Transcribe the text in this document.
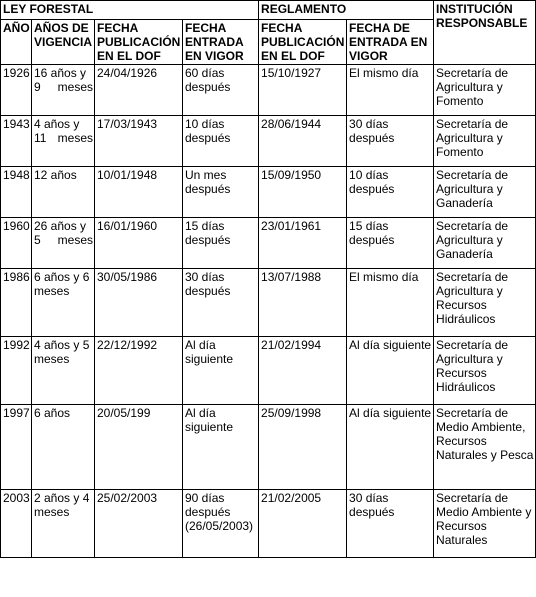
LEY FORESTAL				REGLAMENTO		INSTITUCIÓN RESPONSABLE
AÑO	AÑOS DE VIGENCIA	FECHA PUBLICACIÓN EN EL DOF	FECHA ENTRADA EN VIGOR	FECHA PUBLICACIÓN EN EL DOF	FECHA DE ENTRADA EN VIGOR	
1926	16 años y 9 meses	24/04/1926	60 días después	15/10/1927	El mismo día	Secretaría de Agricultura y Fomento
1943	4 años y 11 meses	17/03/1943	10 días después	28/06/1944	30 días después	Secretaría de Agricultura y Fomento
1948	12 años	10/01/1948	Un mes después	15/09/1950	10 días después	Secretaría de Agricultura y Ganadería
1960	26 años y 5 meses	16/01/1960	15 días después	23/01/1961	15 días después	Secretaría de Agricultura y Ganadería
1986	6 años y 6 meses	30/05/1986	30 días después	13/07/1988	El mismo día	Secretaría de Agricultura y Recursos Hidráulicos
1992	4 años y 5 meses	22/12/1992	Al día siguiente	21/02/1994	Al día siguiente	Secretaría de Agricultura y Recursos Hidráulicos
1997	6 años	20/05/199	Al día siguiente	25/09/1998	Al día siguiente	Secretaría de Medio Ambiente, Recursos Naturales y Pesca
2003	2 años y 4 meses	25/02/2003	90 días después (26/05/2003)	21/02/2005	30 días después	Secretaría de Medio Ambiente y Recursos Naturales
